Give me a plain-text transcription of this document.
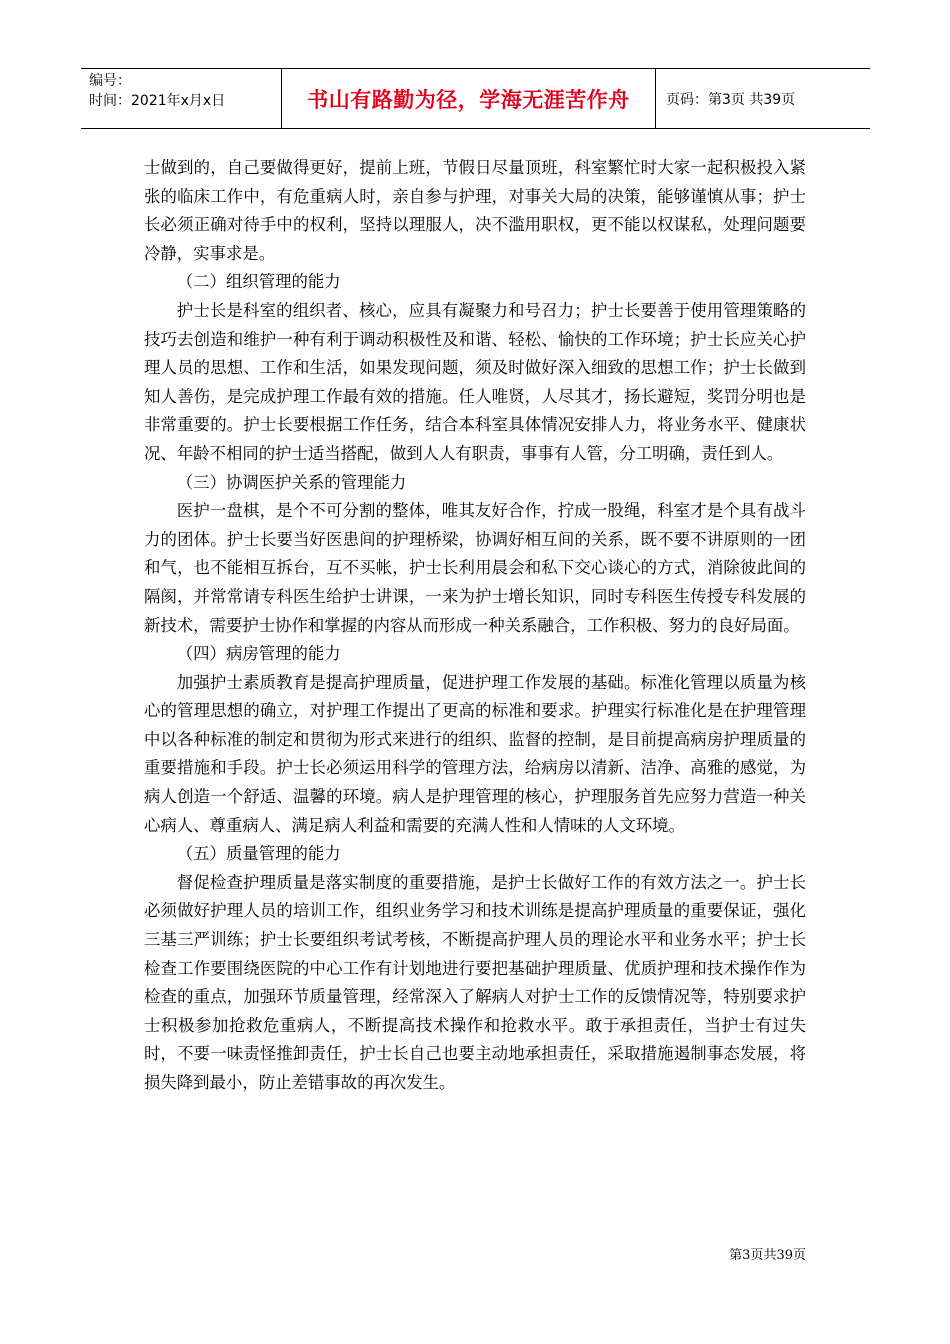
编号：
时间：2021年x月x日	书山有路勤为径，学海无涯苦作舟	页码：第3页 共39页

士做到的，自己要做得更好，提前上班，节假日尽量顶班，科室繁忙时大家一起积极投入紧张的临床工作中，有危重病人时，亲自参与护理，对事关大局的决策，能够谨慎从事；护士长必须正确对待手中的权利，坚持以理服人，决不滥用职权，更不能以权谋私，处理问题要冷静，实事求是。

（二）组织管理的能力

护士长是科室的组织者、核心，应具有凝聚力和号召力；护士长要善于使用管理策略的技巧去创造和维护一种有利于调动积极性及和谐、轻松、愉快的工作环境；护士长应关心护理人员的思想、工作和生活，如果发现问题，须及时做好深入细致的思想工作；护士长做到知人善伤，是完成护理工作最有效的措施。任人唯贤，人尽其才，扬长避短，奖罚分明也是非常重要的。护士长要根据工作任务，结合本科室具体情况安排人力，将业务水平、健康状况、年龄不相同的护士适当搭配，做到人人有职责，事事有人管，分工明确，责任到人。

（三）协调医护关系的管理能力

医护一盘棋，是个不可分割的整体，唯其友好合作，拧成一股绳，科室才是个具有战斗力的团体。护士长要当好医患间的护理桥梁，协调好相互间的关系，既不要不讲原则的一团和气，也不能相互拆台，互不买帐，护士长利用晨会和私下交心谈心的方式，消除彼此间的隔阂，并常常请专科医生给护士讲课，一来为护士增长知识，同时专科医生传授专科发展的新技术，需要护士协作和掌握的内容从而形成一种关系融合，工作积极、努力的良好局面。

（四）病房管理的能力

加强护士素质教育是提高护理质量，促进护理工作发展的基础。标准化管理以质量为核心的管理思想的确立，对护理工作提出了更高的标准和要求。护理实行标准化是在护理管理中以各种标准的制定和贯彻为形式来进行的组织、监督的控制，是目前提高病房护理质量的重要措施和手段。护士长必须运用科学的管理方法，给病房以清新、洁净、高雅的感觉，为病人创造一个舒适、温馨的环境。病人是护理管理的核心，护理服务首先应努力营造一种关心病人、尊重病人、满足病人利益和需要的充满人性和人情味的人文环境。

（五）质量管理的能力

督促检查护理质量是落实制度的重要措施，是护士长做好工作的有效方法之一。护士长必须做好护理人员的培训工作，组织业务学习和技术训练是提高护理质量的重要保证，强化三基三严训练；护士长要组织考试考核，不断提高护理人员的理论水平和业务水平；护士长检查工作要围绕医院的中心工作有计划地进行要把基础护理质量、优质护理和技术操作作为检查的重点，加强环节质量管理，经常深入了解病人对护士工作的反馈情况等，特别要求护士积极参加抢救危重病人，不断提高技术操作和抢救水平。敢于承担责任，当护士有过失时，不要一味责怪推卸责任，护士长自己也要主动地承担责任，采取措施遏制事态发展，将损失降到最小，防止差错事故的再次发生。

第3页共39页
